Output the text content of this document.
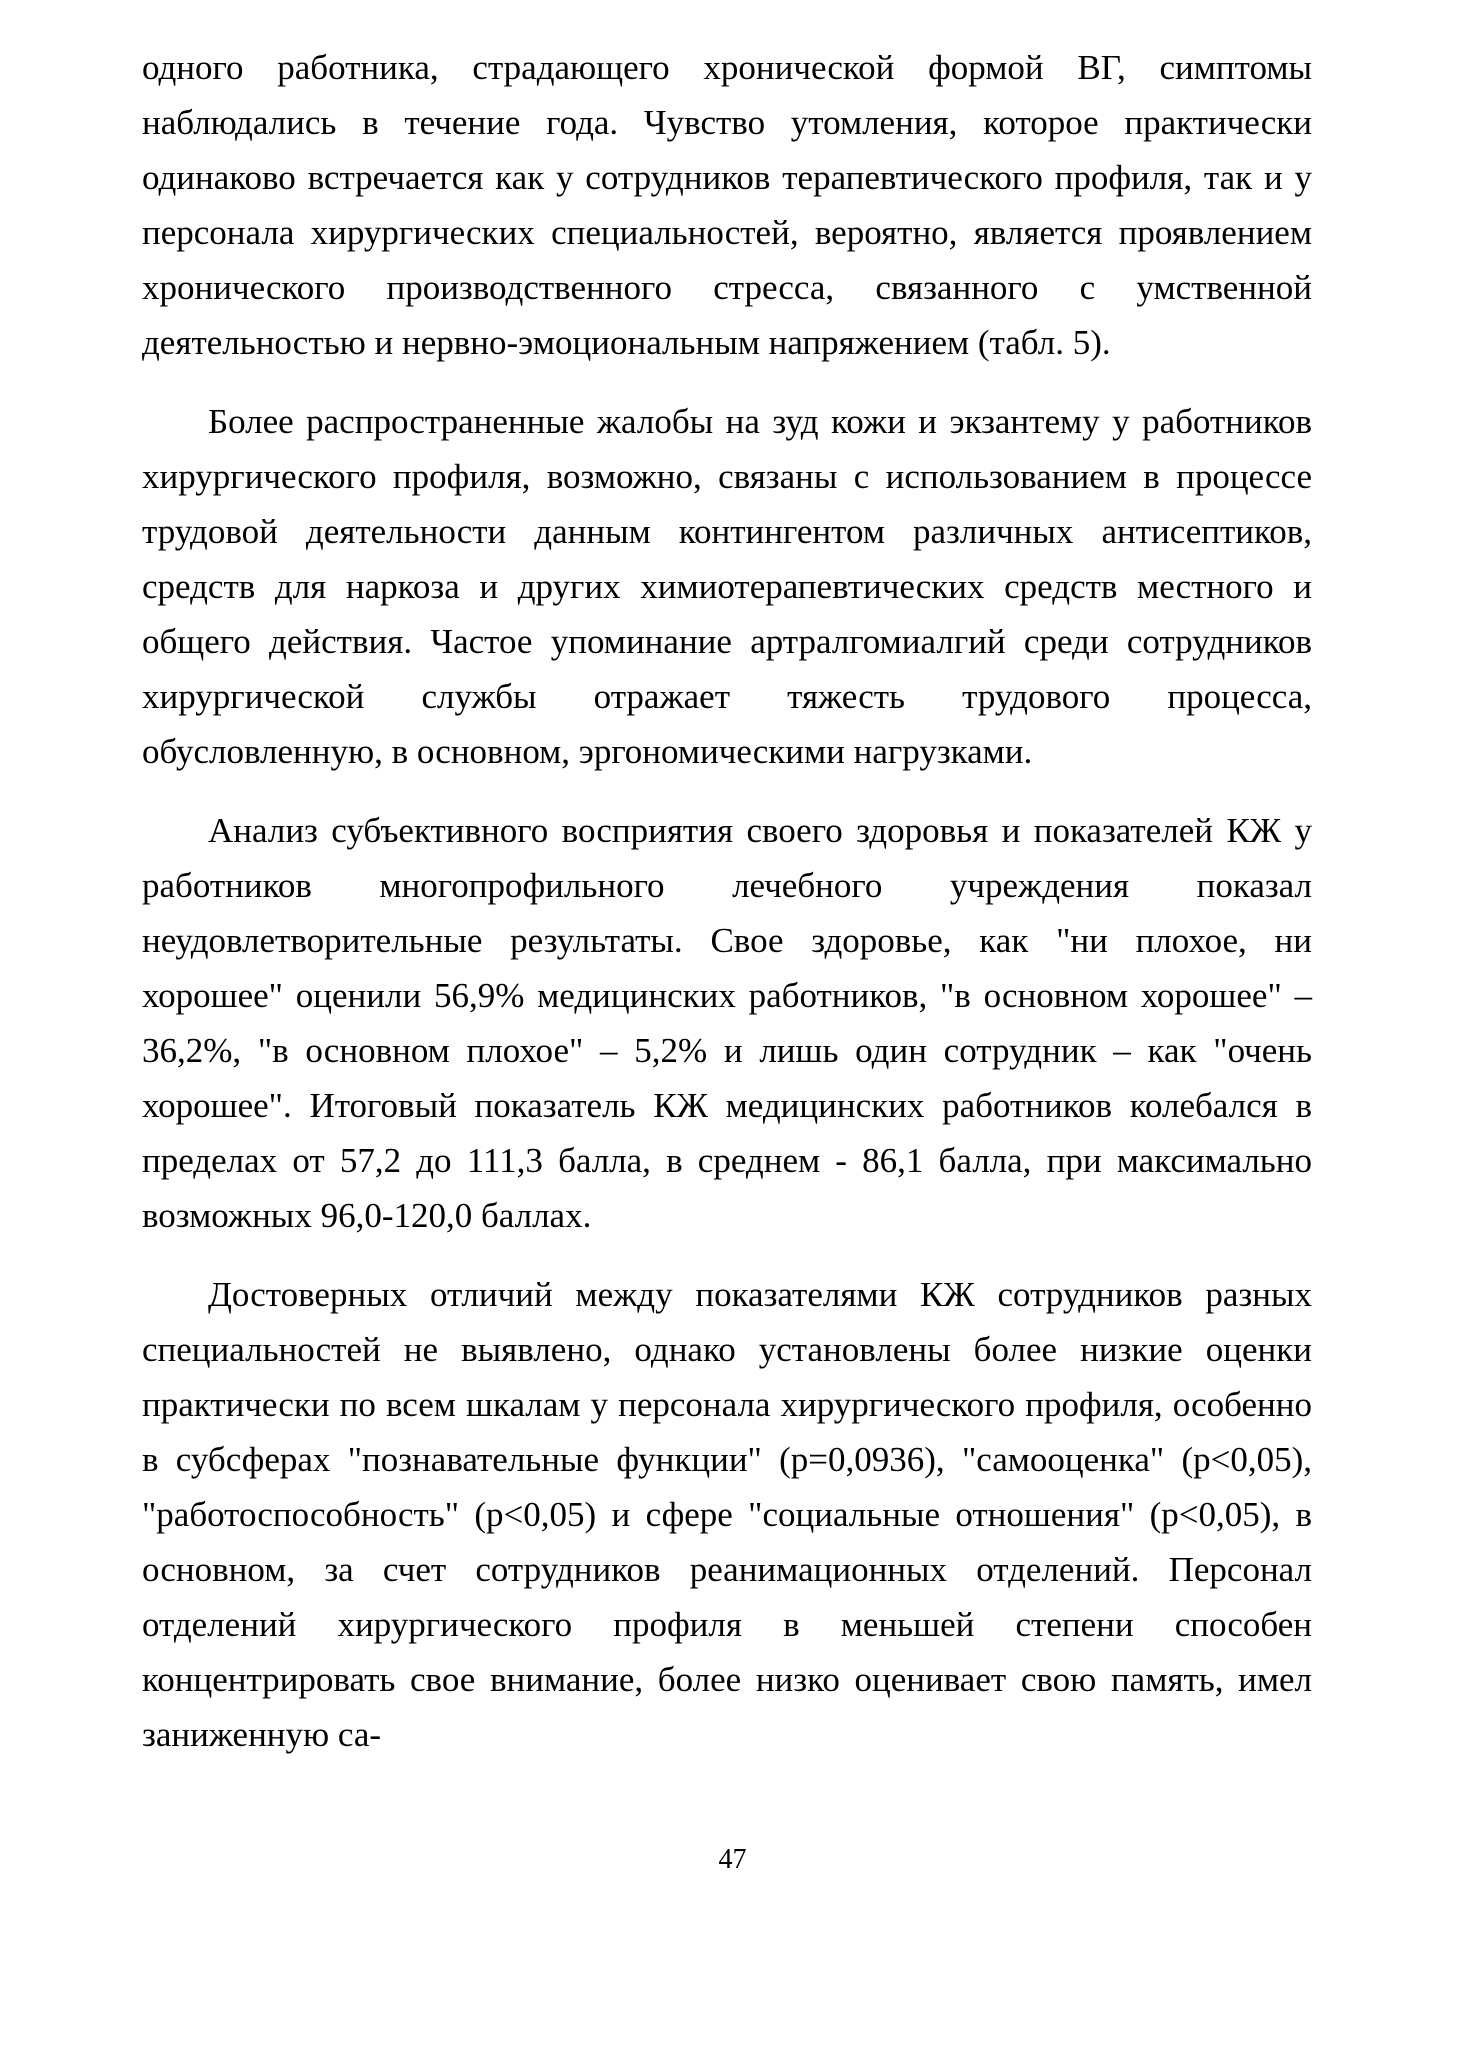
одного работника, страдающего хронической формой ВГ, симптомы наблюдались в течение года. Чувство утомления, которое практически одинаково встречается как у сотрудников терапевтического профиля, так и у персонала хирургических специальностей, вероятно, является проявлением хронического производственного стресса, связанного с умственной деятельностью и нервно-эмоциональным напряжением (табл. 5).

Более распространенные жалобы на зуд кожи и экзантему у работников хирургического профиля, возможно, связаны с использованием в процессе трудовой деятельности данным контингентом различных антисептиков, средств для наркоза и других химиотерапевтических средств местного и общего действия. Частое упоминание артралгомиалгий среди сотрудников хирургической службы отражает тяжесть трудового процесса, обусловленную, в основном, эргономическими нагрузками.

Анализ субъективного восприятия своего здоровья и показателей КЖ у работников многопрофильного лечебного учреждения показал неудовлетворительные результаты. Свое здоровье, как "ни плохое, ни хорошее" оценили 56,9% медицинских работников, "в основном хорошее" – 36,2%, "в основном плохое" – 5,2% и лишь один сотрудник – как "очень хорошее". Итоговый показатель КЖ медицинских работников колебался в пределах от 57,2 до 111,3 балла, в среднем - 86,1 балла, при максимально возможных 96,0-120,0 баллах.

Достоверных отличий между показателями КЖ сотрудников разных специальностей не выявлено, однако установлены более низкие оценки практически по всем шкалам у персонала хирургического профиля, особенно в субсферах "познавательные функции" (p=0,0936), "самооценка" (p<0,05), "работоспособность" (p<0,05) и сфере "социальные отношения" (p<0,05), в основном, за счет сотрудников реанимационных отделений. Персонал отделений хирургического профиля в меньшей степени способен концентрировать свое внимание, более низко оценивает свою память, имел заниженную са-

47
